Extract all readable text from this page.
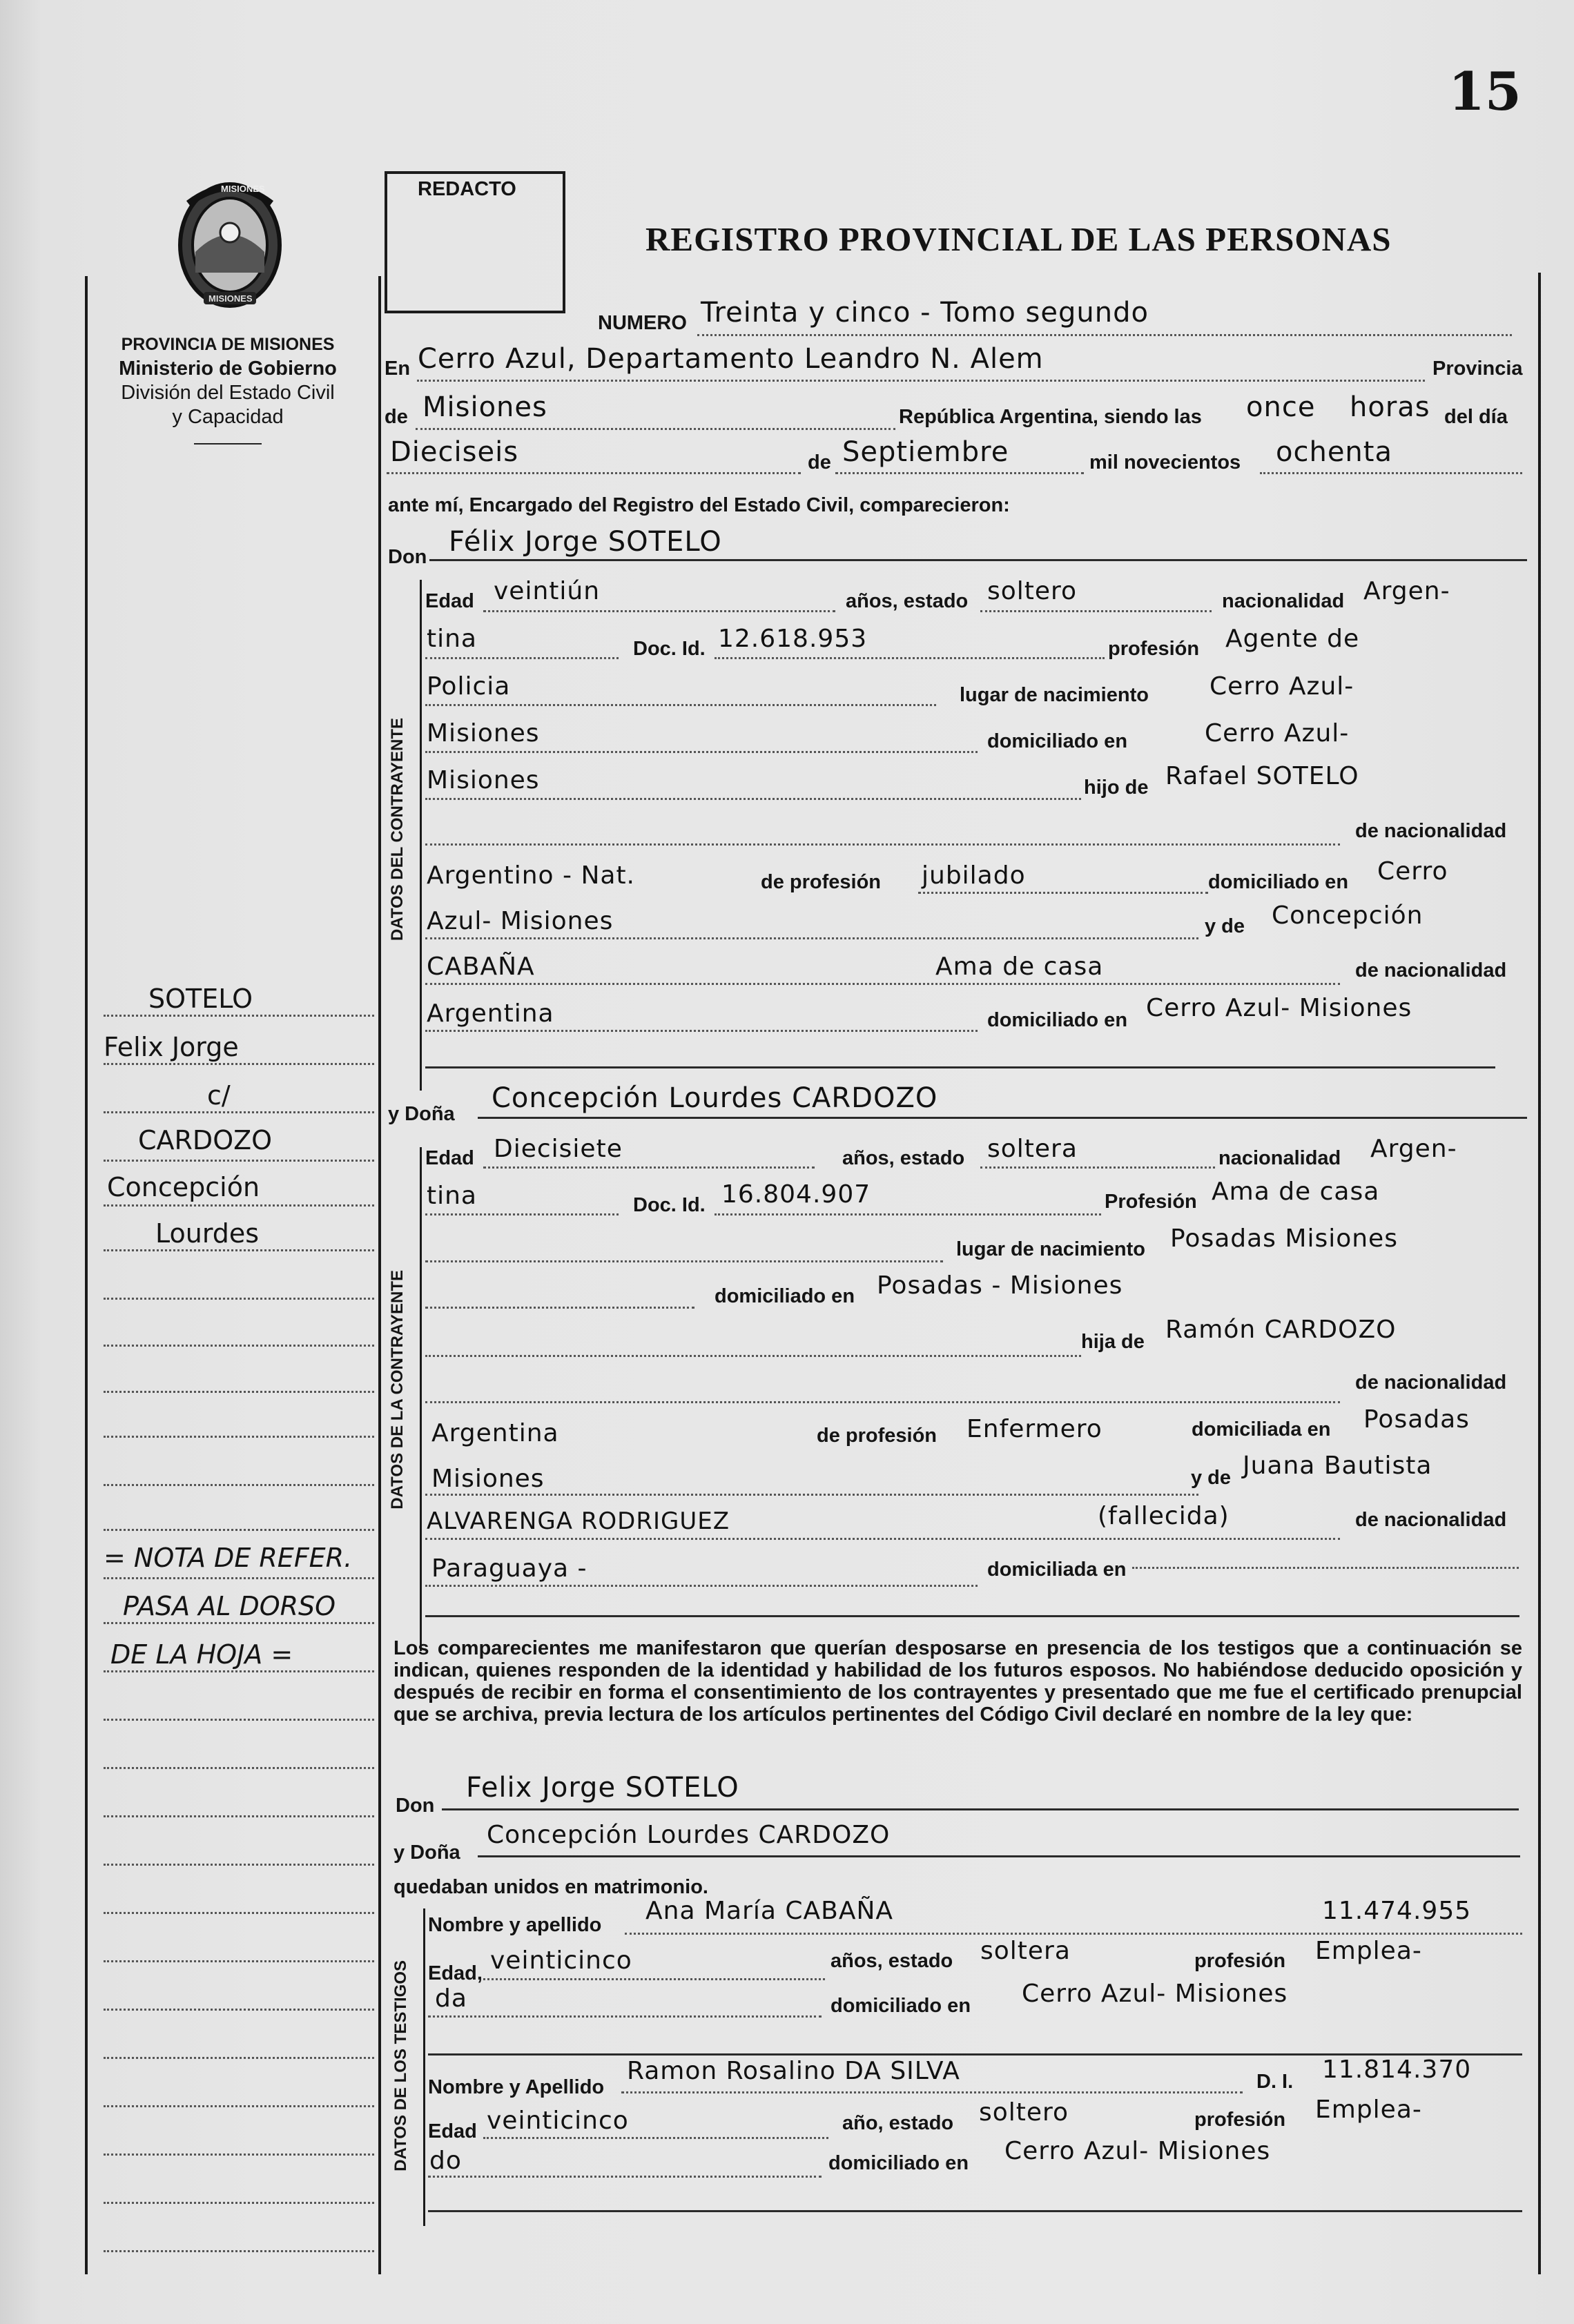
15
REDACTO
REGISTRO PROVINCIAL DE LAS PERSONAS
MISIONES
MISIONES
PROVINCIA DE MISIONES
Ministerio de Gobierno
División del Estado Civil
y Capacidad
DATOS DEL CONTRAYENTE
DATOS DE LA CONTRAYENTE
DATOS DE LOS TESTIGOS
SOTELO
Felix Jorge
c/
CARDOZO
Concepción
Lourdes
= NOTA DE REFER.
PASA AL DORSO
DE LA HOJA =
NUMERO Treinta y cinco - Tomo segundo
En Cerro Azul, Departamento Leandro N. Alem	Provincia
de Misiones	República Argentina, siendo las once horas del día
Dieciseis	de Septiembre	mil novecientos ochenta
ante mí, Encargado del Registro del Estado Civil, comparecieron:
Don Félix Jorge SOTELO
Edad veintiún	años, estado soltero	nacionalidad Argen-
tina	Doc. Id. 12.618.953	profesión Agente de
Policia	lugar de nacimiento Cerro Azul-
Misiones	domiciliado en	Cerro Azul-
Misiones	hijo de Rafael SOTELO
de nacionalidad
Argentino - Nat.	de profesión jubilado	domiciliado en Cerro
Azul- Misiones	y de Concepción
CABAÑA	Ama de casa	de nacionalidad
Argentina	domiciliado en Cerro Azul- Misiones
y Doña Concepción Lourdes CARDOZO
Edad Diecisiete	años, estado soltera	nacionalidad Argen-
tina	Doc. Id. 16.804.907	Profesión Ama de casa
lugar de nacimiento Posadas Misiones
domiciliado en Posadas - Misiones
hija de Ramón CARDOZO
de nacionalidad
Argentina	de profesión Enfermero	domiciliada en Posadas
Misiones	y de Juana Bautista
ALVARENGA RODRIGUEZ	(fallecida)	de nacionalidad
Paraguaya -	domiciliada en
Los comparecientes me manifestaron que querían desposarse en presencia de los testigos que a continuación se indican, quienes responden de la identidad y habilidad de los futuros esposos. No habiéndose deducido oposición y después de recibir en forma el consentimiento de los contrayentes y presentado que me fue el certificado prenupcial que se archiva, previa lectura de los artículos pertinentes del Código Civil declaré en nombre de la ley que:
Don
Felix Jorge SOTELO
y Doña
Concepción Lourdes CARDOZO
quedaban unidos en matrimonio.
Nombre y apellido Ana María CABAÑA	11.474.955
Edad, veinticinco	años, estado soltera	profesión Emplea-
da	domiciliado en Cerro Azul- Misiones
Nombre y Apellido
Ramon Rosalino DA SILVA	D. I. 11.814.370
Edad veinticinco	año, estado soltero	profesión Emplea-
do	domiciliado en Cerro Azul- Misiones
